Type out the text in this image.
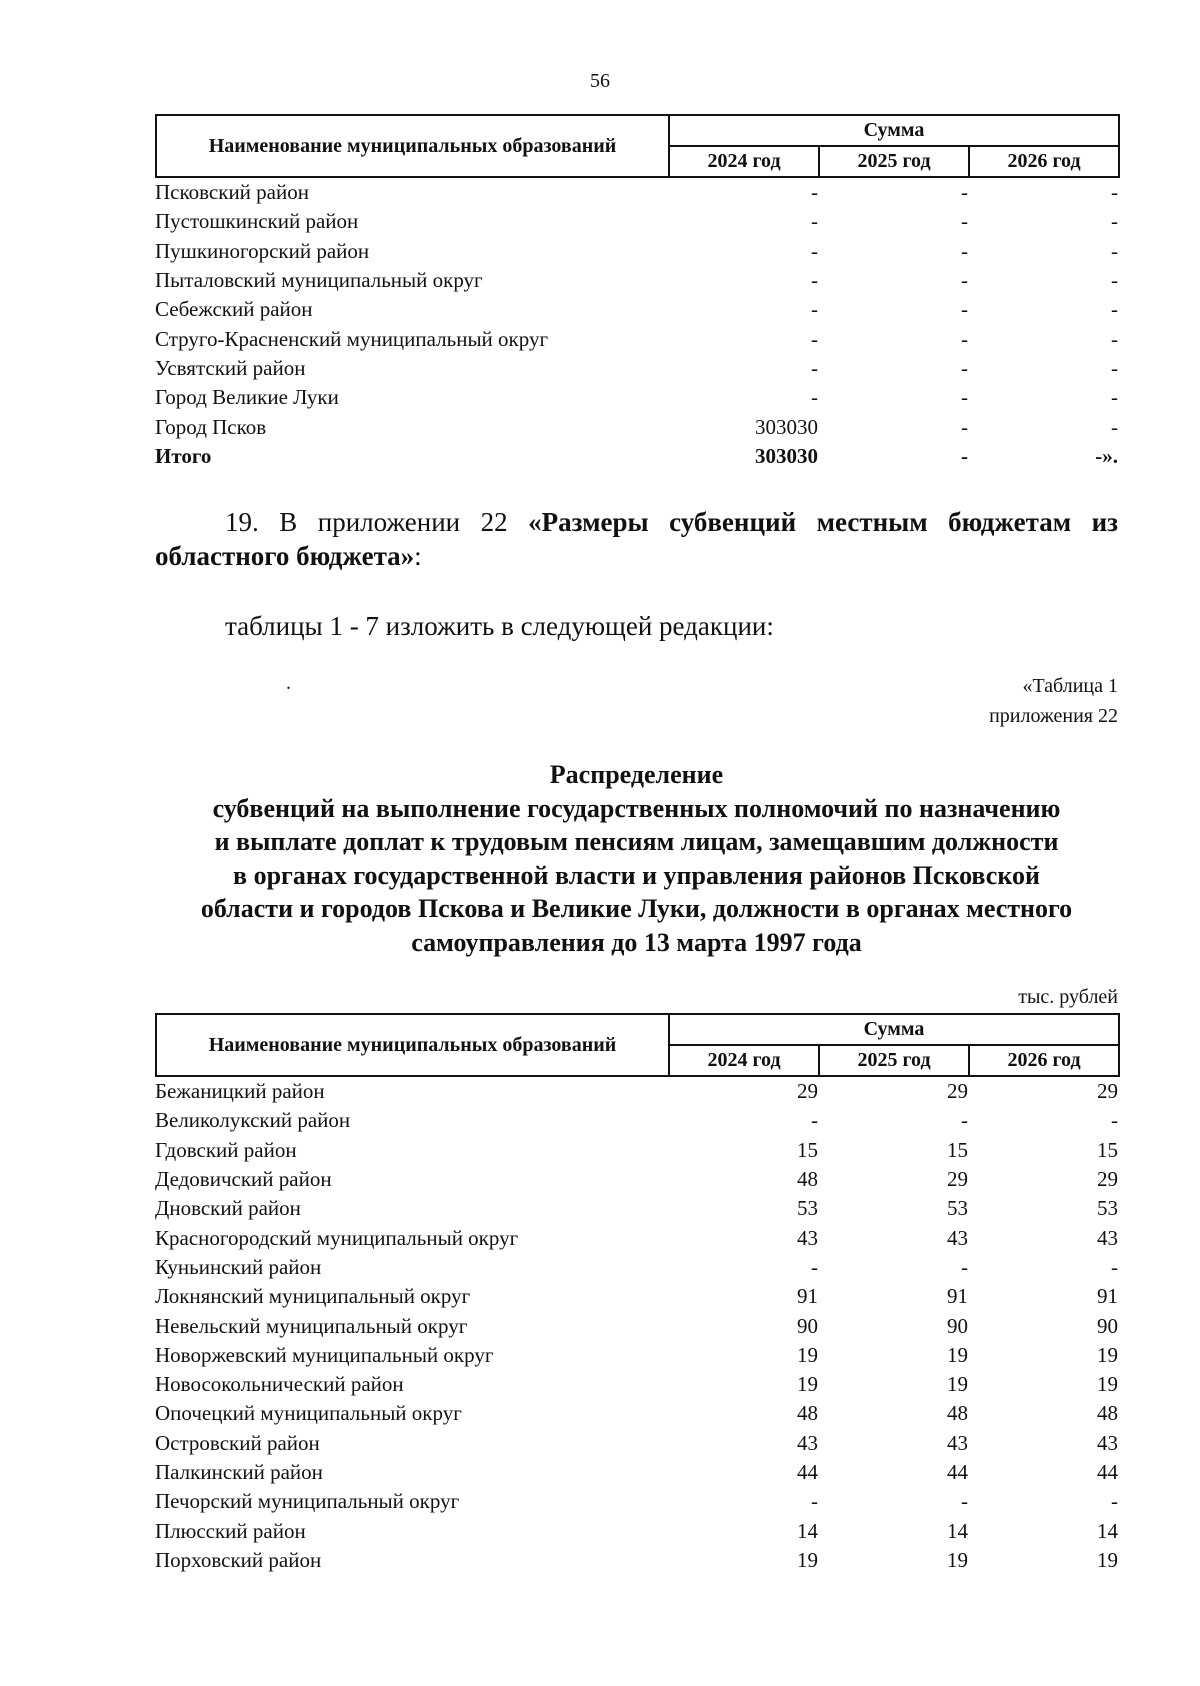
56
Наименование муниципальных образований	Сумма		
	2024 год	2025 год	2026 год
Псковский район	-	-	-
Пустошкинский район	-	-	-
Пушкиногорский район	-	-	-
Пыталовский муниципальный округ	-	-	-
Себежский район	-	-	-
Струго-Красненский муниципальный округ	-	-	-
Усвятский район	-	-	-
Город Великие Луки	-	-	-
Город Псков	303030	-	-
Итого	303030	-	-».
19. В приложении 22 «Размеры субвенций местным бюджетам из областного бюджета»:
таблицы 1 - 7 изложить в следующей редакции:
.	«Таблица 1
приложения 22
Распределение
субвенций на выполнение государственных полномочий по назначению
и выплате доплат к трудовым пенсиям лицам, замещавшим должности
в органах государственной власти и управления районов Псковской
области и городов Пскова и Великие Луки, должности в органах местного
самоуправления до 13 марта 1997 года
тыс. рублей
Наименование муниципальных образований	Сумма		
	2024 год	2025 год	2026 год
Бежаницкий район	29	29	29
Великолукский район	-	-	-
Гдовский район	15	15	15
Дедовичский район	48	29	29
Дновский район	53	53	53
Красногородский муниципальный округ	43	43	43
Куньинский район	-	-	-
Локнянский муниципальный округ	91	91	91
Невельский муниципальный округ	90	90	90
Новоржевский муниципальный округ	19	19	19
Новосокольнический район	19	19	19
Опочецкий муниципальный округ	48	48	48
Островский район	43	43	43
Палкинский район	44	44	44
Печорский муниципальный округ	-	-	-
Плюсский район	14	14	14
Порховский район	19	19	19
